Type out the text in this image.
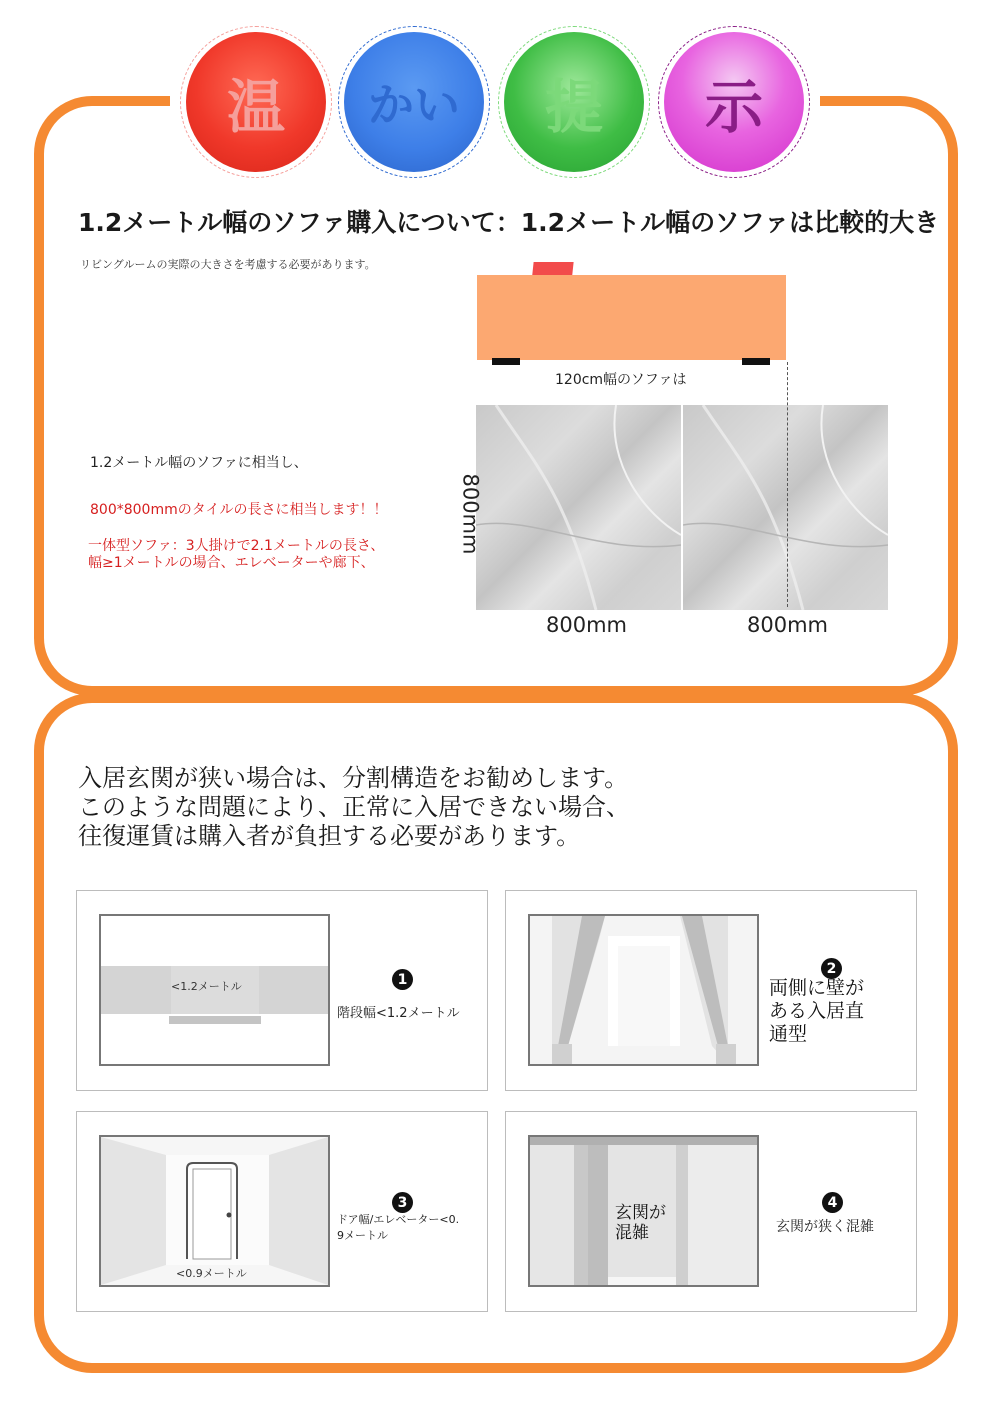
温 かい 提 示
1.2メートル幅のソファ購入について：1.2メートル幅のソファは比較的大き
リビングルームの実際の大きさを考慮する必要があります。
120cm幅のソファは
800mm	800mm
800mm
1.2メートル幅のソファに相当し、
800*800mmのタイルの長さに相当します！！
一体型ソファ：3人掛けで2.1メートルの長さ、
幅≥1メートルの場合、エレベーターや廊下、
入居玄関が狭い場合は、分割構造をお勧めします。
このような問題により、正常に入居できない場合、
往復運賃は購入者が負担する必要があります。
<1.2メートル	1
階段幅<1.2メートル
2
両側に壁が
ある入居直
通型
<0.9メートル
3
ドア幅/エレベーター<0.
9メートル
玄関が
混雑
4
玄関が狭く混雑
